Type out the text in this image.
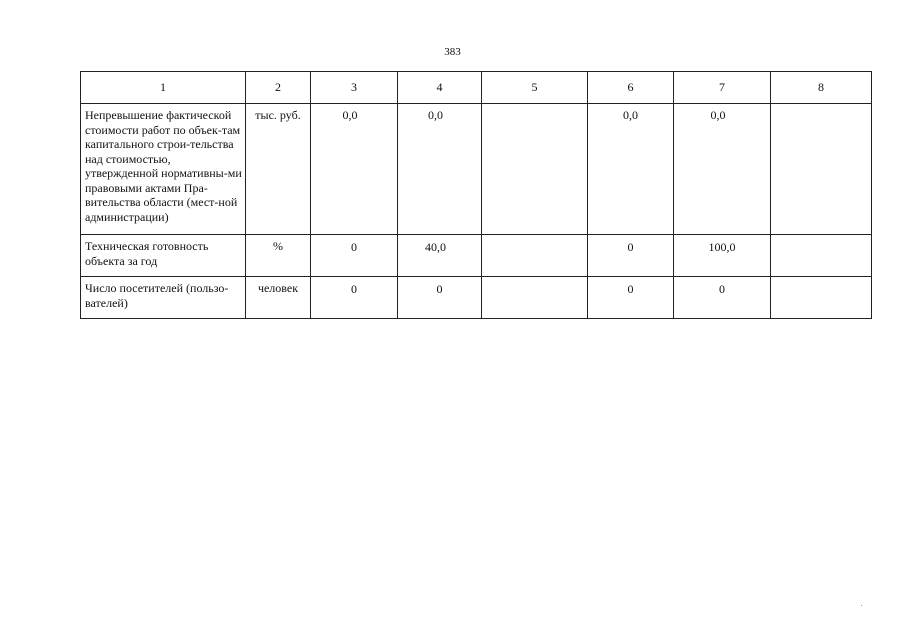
383
1	2	3	4	5	6	7	8
Непревышение фактической стоимости работ по объек-там капитального строи-тельства над стоимостью, утвержденной нормативны-ми правовыми актами Пра-вительства области (мест-ной администрации)	тыс. руб.	0,0	0,0		0,0	0,0	
Техническая готовность объекта за год	%	0	40,0		0	100,0	
Число посетителей (пользо-вателей)	человек	0	0		0	0	
